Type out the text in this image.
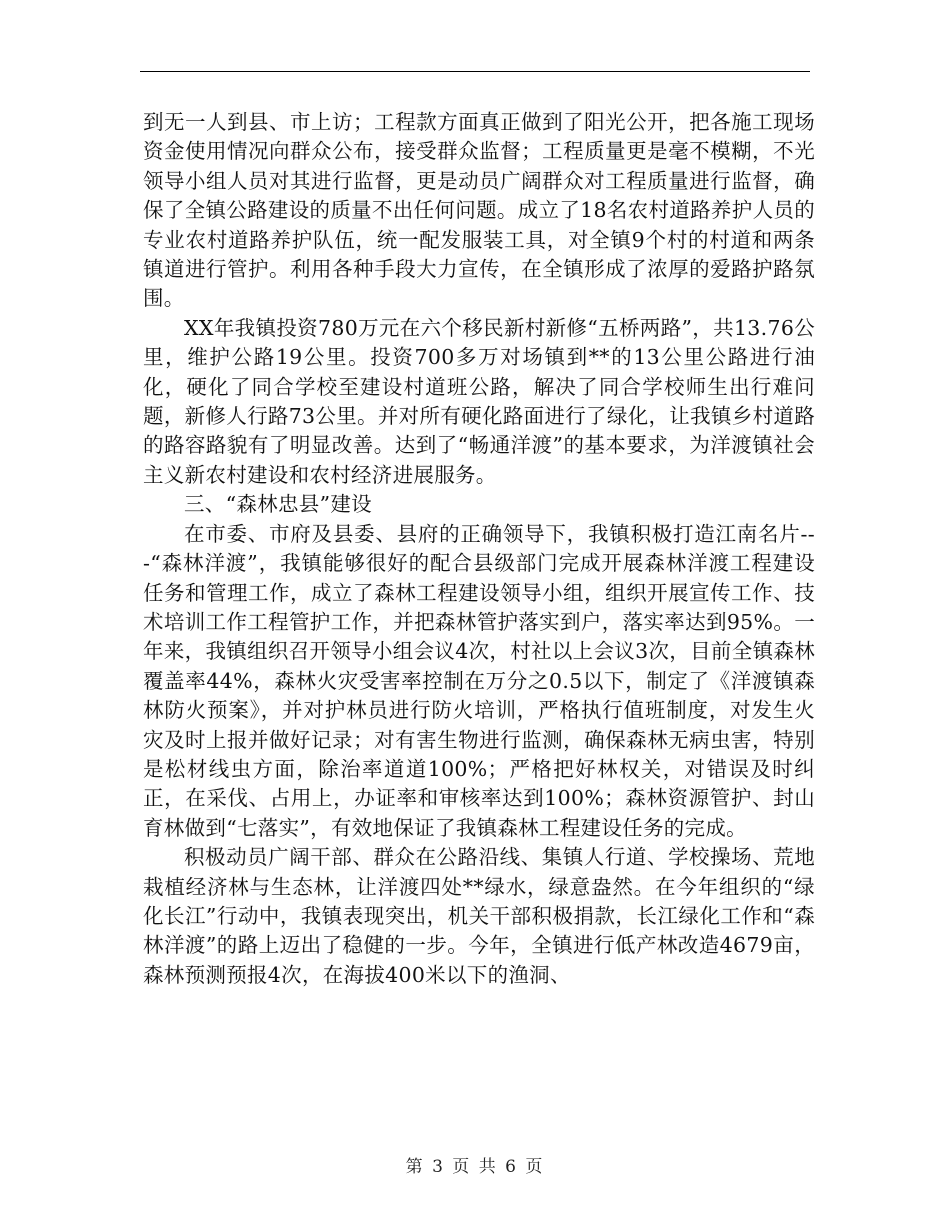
到无一人到县、市上访；工程款方面真正做到了阳光公开，把各施工现场资金使用情况向群众公布，接受群众监督；工程质量更是毫不模糊，不光领导小组人员对其进行监督，更是动员广阔群众对工程质量进行监督，确保了全镇公路建设的质量不出任何问题。成立了18名农村道路养护人员的专业农村道路养护队伍，统一配发服装工具，对全镇9个村的村道和两条镇道进行管护。利用各种手段大力宣传，在全镇形成了浓厚的爱路护路氛围。

XX年我镇投资780万元在六个移民新村新修“五桥两路”，共13.76公里，维护公路19公里。投资700多万对场镇到**的13公里公路进行油化，硬化了同合学校至建设村道班公路，解决了同合学校师生出行难问题，新修人行路73公里。并对所有硬化路面进行了绿化，让我镇乡村道路的路容路貌有了明显改善。达到了“畅通洋渡”的基本要求，为洋渡镇社会主义新农村建设和农村经济进展服务。

三、“森林忠县”建设

在市委、市府及县委、县府的正确领导下，我镇积极打造江南名片---“森林洋渡”，我镇能够很好的配合县级部门完成开展森林洋渡工程建设任务和管理工作，成立了森林工程建设领导小组，组织开展宣传工作、技术培训工作工程管护工作，并把森林管护落实到户，落实率达到95%。一年来，我镇组织召开领导小组会议4次，村社以上会议3次，目前全镇森林覆盖率44%，森林火灾受害率控制在万分之0.5以下，制定了《洋渡镇森林防火预案》，并对护林员进行防火培训，严格执行值班制度，对发生火灾及时上报并做好记录；对有害生物进行监测，确保森林无病虫害，特别是松材线虫方面，除治率道道100%；严格把好林权关，对错误及时纠正，在采伐、占用上，办证率和审核率达到100%；森林资源管护、封山育林做到“七落实”，有效地保证了我镇森林工程建设任务的完成。

积极动员广阔干部、群众在公路沿线、集镇人行道、学校操场、荒地栽植经济林与生态林，让洋渡四处**绿水，绿意盎然。在今年组织的“绿化长江”行动中，我镇表现突出，机关干部积极捐款，长江绿化工作和“森林洋渡”的路上迈出了稳健的一步。今年，全镇进行低产林改造4679亩，森林预测预报4次，在海拔400米以下的渔洞、

第 3 页 共 6 页
